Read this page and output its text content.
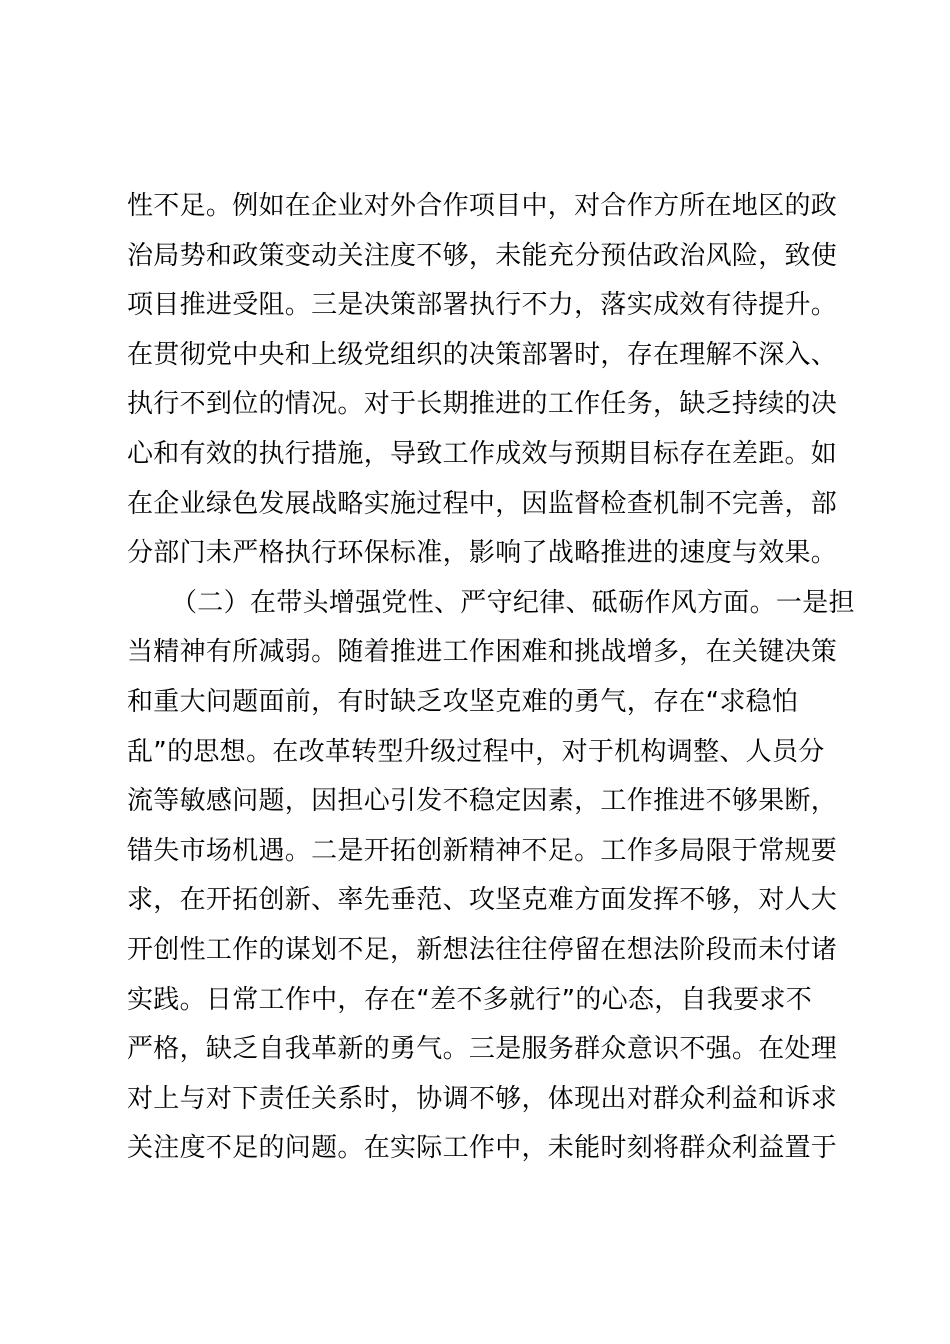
性不足。例如在企业对外合作项目中，对合作方所在地区的政
治局势和政策变动关注度不够，未能充分预估政治风险，致使
项目推进受阻。三是决策部署执行不力，落实成效有待提升。
在贯彻党中央和上级党组织的决策部署时，存在理解不深入、
执行不到位的情况。对于长期推进的工作任务，缺乏持续的决
心和有效的执行措施，导致工作成效与预期目标存在差距。如
在企业绿色发展战略实施过程中，因监督检查机制不完善，部
分部门未严格执行环保标准，影响了战略推进的速度与效果。
（二）在带头增强党性、严守纪律、砥砺作风方面。一是担
当精神有所减弱。随着推进工作困难和挑战增多，在关键决策
和重大问题面前，有时缺乏攻坚克难的勇气，存在“求稳怕
乱”的思想。在改革转型升级过程中，对于机构调整、人员分
流等敏感问题，因担心引发不稳定因素，工作推进不够果断，
错失市场机遇。二是开拓创新精神不足。工作多局限于常规要
求，在开拓创新、率先垂范、攻坚克难方面发挥不够，对人大
开创性工作的谋划不足，新想法往往停留在想法阶段而未付诸
实践。日常工作中，存在“差不多就行”的心态，自我要求不
严格，缺乏自我革新的勇气。三是服务群众意识不强。在处理
对上与对下责任关系时，协调不够，体现出对群众利益和诉求
关注度不足的问题。在实际工作中，未能时刻将群众利益置于
